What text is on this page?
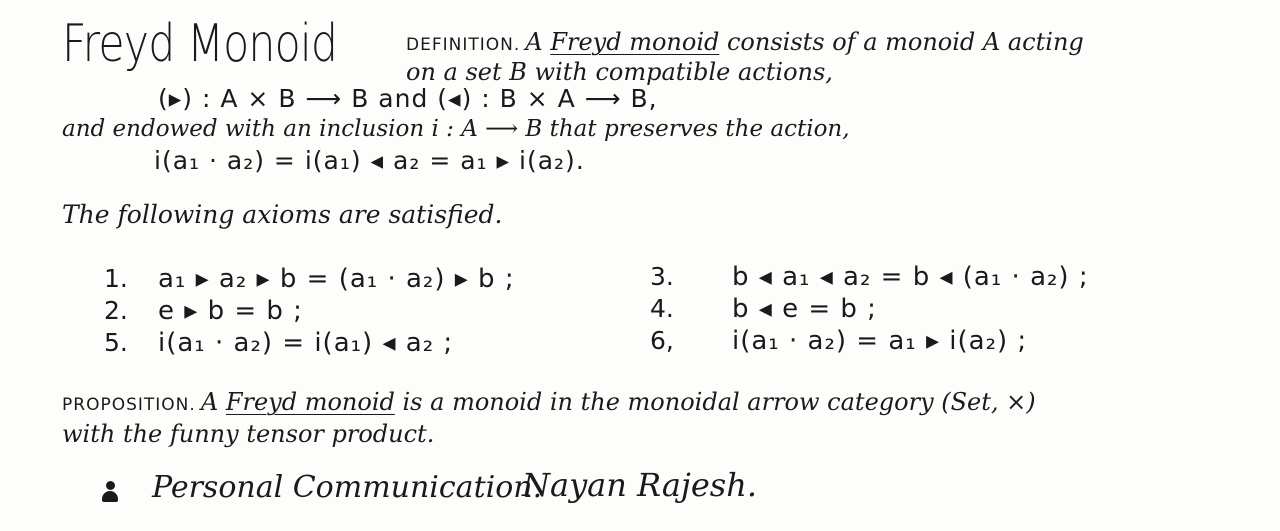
Freyd Monoid	DEFINITION. A Freyd monoid consists of a monoid A acting
on a set B with compatible actions,
(▸) : A × B ⟶ B and (◂) : B × A ⟶ B,
and endowed with an inclusion i : A ⟶ B that preserves the action,
i(a₁ · a₂) = i(a₁) ◂ a₂ = a₁ ▸ i(a₂).
The following axioms are satisfied.
1. a₁ ▸ a₂ ▸ b = (a₁ · a₂) ▸ b ;
2. e ▸ b = b ;
5. i(a₁ · a₂) = i(a₁) ◂ a₂ ;
3. b ◂ a₁ ◂ a₂ = b ◂ (a₁ · a₂) ;
4. b ◂ e = b ;
6, i(a₁ · a₂) = a₁ ▸ i(a₂) ;
PROPOSITION. A Freyd monoid is a monoid in the monoidal arrow category (Set, ×)
with the funny tensor product.
Personal Communication.
Nayan Rajesh.
